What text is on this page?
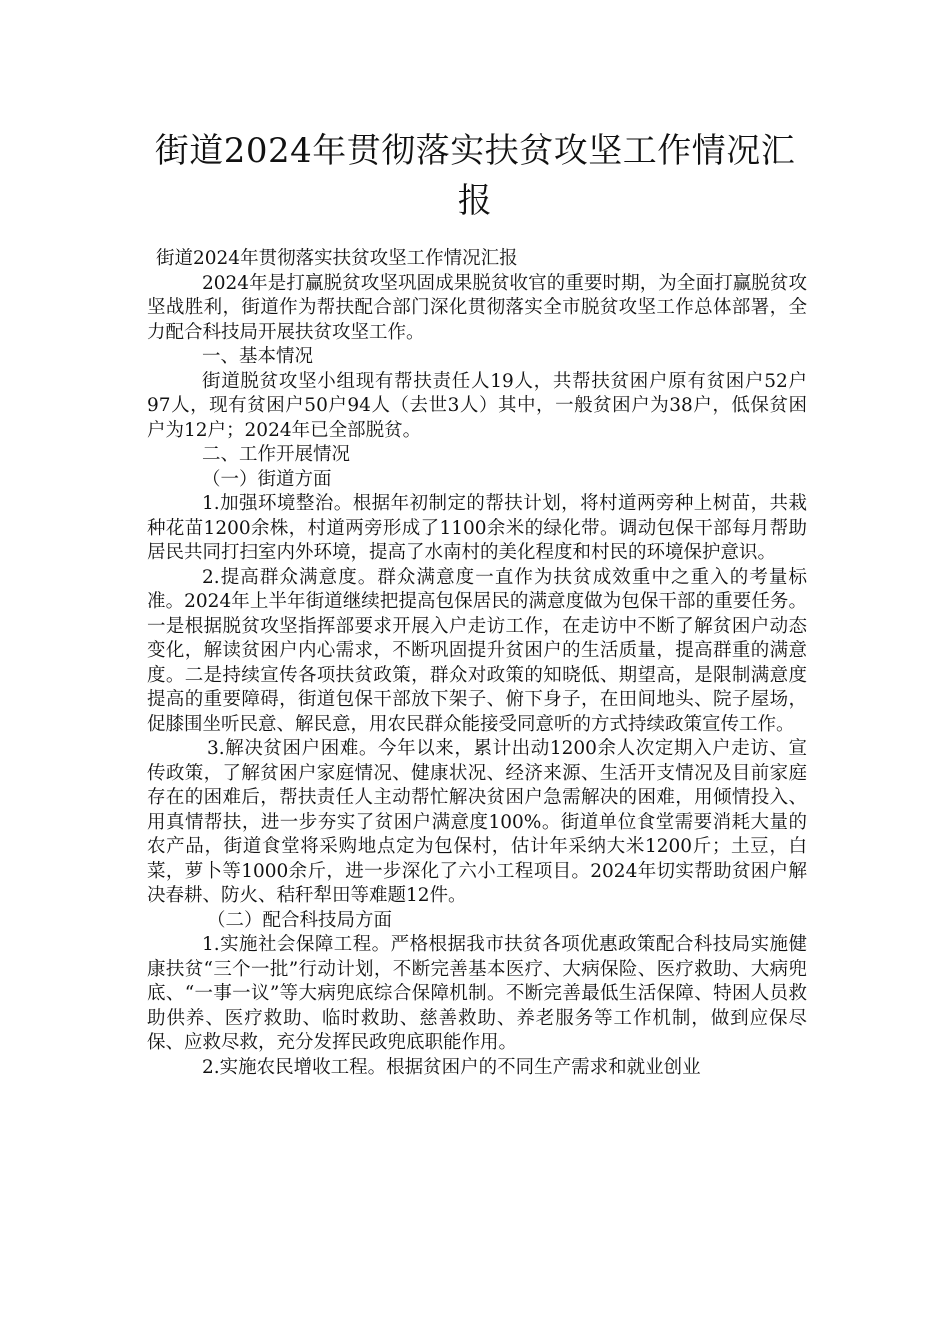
街道2024年贯彻落实扶贫攻坚工作情况汇报

街道2024年贯彻落实扶贫攻坚工作情况汇报

2024年是打赢脱贫攻坚巩固成果脱贫收官的重要时期，为全面打赢脱贫攻坚战胜利，街道作为帮扶配合部门深化贯彻落实全市脱贫攻坚工作总体部署，全力配合科技局开展扶贫攻坚工作。

一、基本情况

街道脱贫攻坚小组现有帮扶责任人19人，共帮扶贫困户原有贫困户52户97人，现有贫困户50户94人（去世3人）其中，一般贫困户为38户，低保贫困户为12户；2024年已全部脱贫。

二、工作开展情况

（一）街道方面

1.加强环境整治。根据年初制定的帮扶计划，将村道两旁种上树苗，共栽种花苗1200余株，村道两旁形成了1100余米的绿化带。调动包保干部每月帮助居民共同打扫室内外环境，提高了水南村的美化程度和村民的环境保护意识。

2.提高群众满意度。群众满意度一直作为扶贫成效重中之重入的考量标准。2024年上半年街道继续把提高包保居民的满意度做为包保干部的重要任务。一是根据脱贫攻坚指挥部要求开展入户走访工作，在走访中不断了解贫困户动态变化，解读贫困户内心需求，不断巩固提升贫困户的生活质量，提高群重的满意度。二是持续宣传各项扶贫政策，群众对政策的知晓低、期望高，是限制满意度提高的重要障碍，街道包保干部放下架子、俯下身子，在田间地头、院子屋场，促膝围坐听民意、解民意，用农民群众能接受同意听的方式持续政策宣传工作。

3.解决贫困户困难。今年以来，累计出动1200余人次定期入户走访、宣传政策，了解贫困户家庭情况、健康状况、经济来源、生活开支情况及目前家庭存在的困难后，帮扶责任人主动帮忙解决贫困户急需解决的困难，用倾情投入、用真情帮扶，进一步夯实了贫困户满意度100%。街道单位食堂需要消耗大量的农产品，街道食堂将采购地点定为包保村，估计年采纳大米1200斤；土豆，白菜，萝卜等1000余斤，进一步深化了六小工程项目。2024年切实帮助贫困户解决春耕、防火、秸秆犁田等难题12件。

（二）配合科技局方面

1.实施社会保障工程。严格根据我市扶贫各项优惠政策配合科技局实施健康扶贫“三个一批”行动计划，不断完善基本医疗、大病保险、医疗救助、大病兜底、“一事一议”等大病兜底综合保障机制。不断完善最低生活保障、特困人员救助供养、医疗救助、临时救助、慈善救助、养老服务等工作机制，做到应保尽保、应救尽救，充分发挥民政兜底职能作用。

2.实施农民增收工程。根据贫困户的不同生产需求和就业创业
